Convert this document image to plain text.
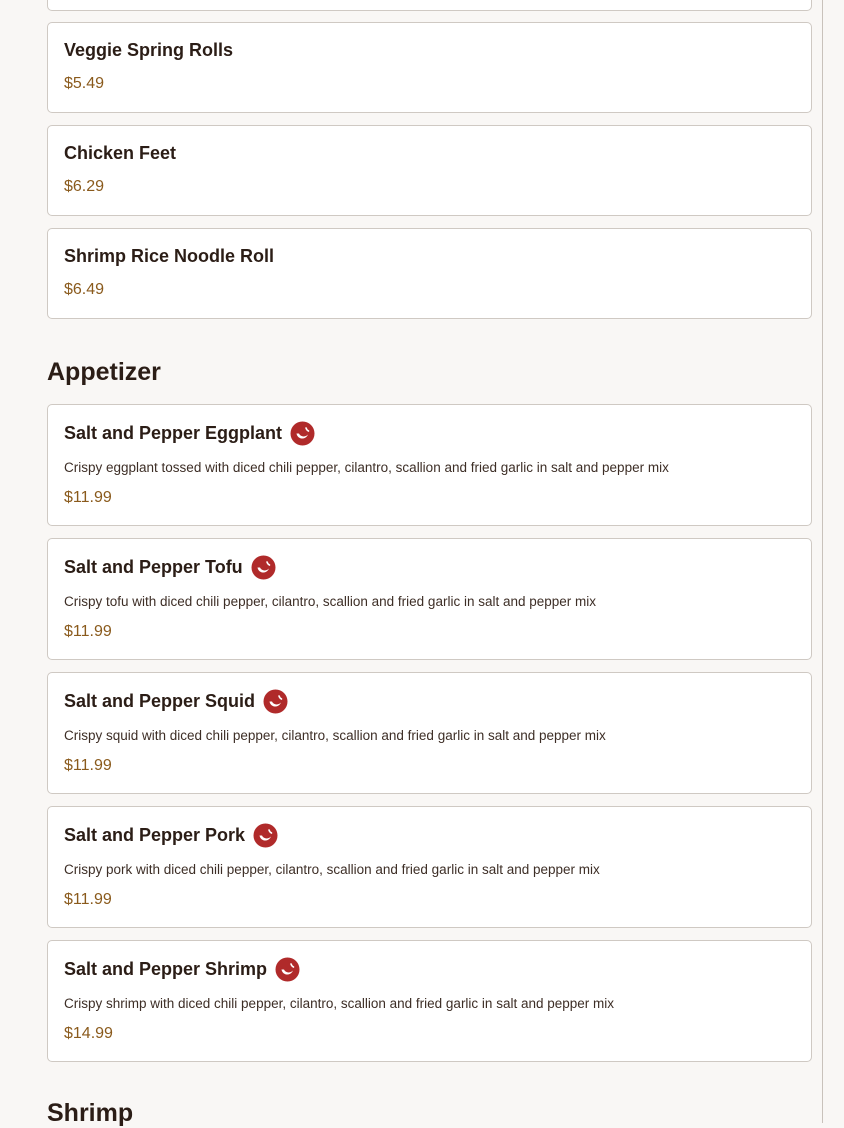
Veggie Spring Rolls
$5.49
Chicken Feet
$6.29
Shrimp Rice Noodle Roll
$6.49
Appetizer
Salt and Pepper Eggplant
Crispy eggplant tossed with diced chili pepper, cilantro, scallion and fried garlic in salt and pepper mix
$11.99
Salt and Pepper Tofu
Crispy tofu with diced chili pepper, cilantro, scallion and fried garlic in salt and pepper mix
$11.99
Salt and Pepper Squid
Crispy squid with diced chili pepper, cilantro, scallion and fried garlic in salt and pepper mix
$11.99
Salt and Pepper Pork
Crispy pork with diced chili pepper, cilantro, scallion and fried garlic in salt and pepper mix
$11.99
Salt and Pepper Shrimp
Crispy shrimp with diced chili pepper, cilantro, scallion and fried garlic in salt and pepper mix
$14.99
Shrimp
